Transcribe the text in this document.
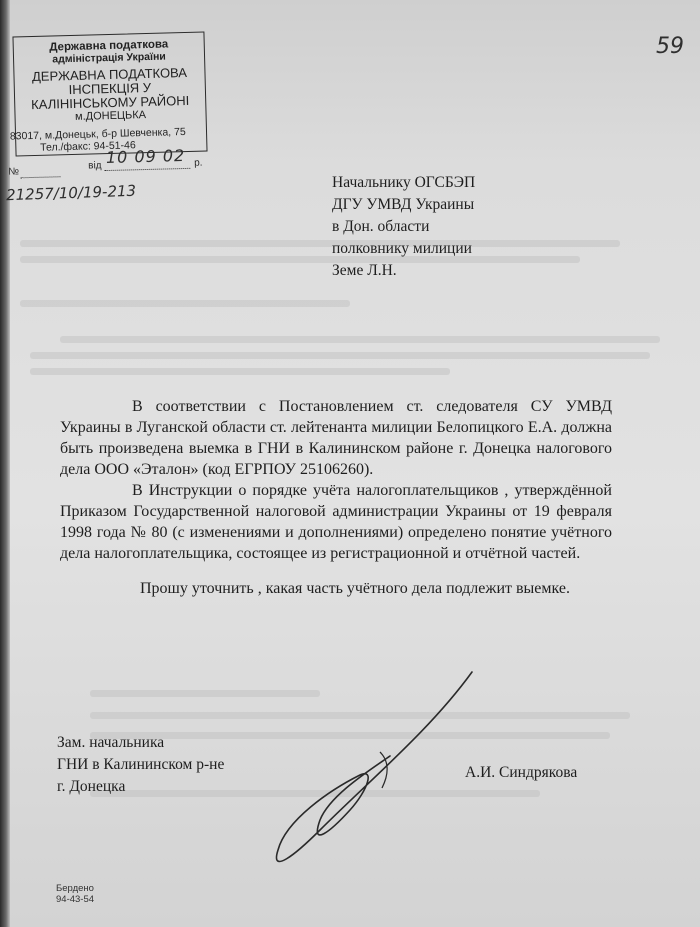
Державна податкова
адміністрація України
ДЕРЖАВНА ПОДАТКОВА
ІНСПЕКЦІЯ У
КАЛІНІНСЬКОМУ РАЙОНІ
м.ДОНЕЦЬКА
83017, м.Донецьк, б-р Шевченка, 75
Тел./факс: 94-51-46
№
від 10 09 02 р.
21257/10/19-213
59
Начальнику ОГСБЭП
ДГУ УМВД Украины
в Дон. области
полковнику милиции
Земе Л.Н.

В соответствии с Постановлением ст. следователя СУ УМВД Украины в Луганской области ст. лейтенанта милиции Белопицкого Е.А. должна быть произведена выемка в ГНИ в Калининском районе г. Донецка налогового дела ООО «Эталон» (код ЕГРПОУ 25106260).

В Инструкции о порядке учёта налогоплательщиков , утверждённой Приказом Государственной налоговой администрации Украины от 19 февраля 1998 года № 80 (с изменениями и дополнениями) определено понятие учётного дела налогоплательщика, состоящее из регистрационной и отчётной частей.

Прошу уточнить , какая часть учётного дела подлежит выемке.

Зам. начальника
ГНИ в Калининском р-не
г. Донецка
А.И. Синдрякова
Бердено
94-43-54
